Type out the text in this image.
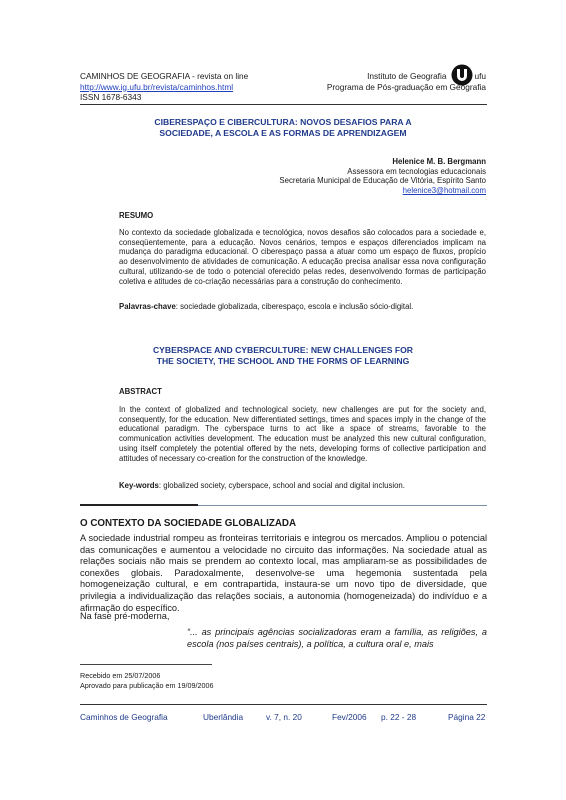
CAMINHOS DE GEOGRAFIA - revista on line
http://www.ig.ufu.br/revista/caminhos.html
ISSN 1678-6343
Instituto de Geografia	ufu
Programa de Pós-graduação em Geografia
CIBERESPAÇO E CIBERCULTURA: NOVOS DESAFIOS PARA A
SOCIEDADE, A ESCOLA E AS FORMAS DE APRENDIZAGEM
Helenice M. B. Bergmann
Assessora em tecnologias educacionais
Secretaria Municipal de Educação de Vitória, Espírito Santo
helenice3@hotmail.com
RESUMO
No contexto da sociedade globalizada e tecnológica, novos desafios são colocados para a sociedade e, conseqüentemente, para a educação. Novos cenários, tempos e espaços diferenciados implicam na mudança do paradigma educacional. O ciberespaço passa a atuar como um espaço de fluxos, propício ao desenvolvimento de atividades de comunicação. A educação precisa analisar essa nova configuração cultural, utilizando-se de todo o potencial oferecido pelas redes, desenvolvendo formas de participação coletiva e atitudes de co-criação necessárias para a construção do conhecimento.
Palavras-chave: sociedade globalizada, ciberespaço, escola e inclusão sócio-digital.
CYBERSPACE AND CYBERCULTURE: NEW CHALLENGES FOR
THE SOCIETY, THE SCHOOL AND THE FORMS OF LEARNING
ABSTRACT
In the context of globalized and technological society, new challenges are put for the society and, consequently, for the education. New differentiated settings, times and spaces imply in the change of the educational paradigm. The cyberspace turns to act like a space of streams, favorable to the communication activities development. The education must be analyzed this new cultural configuration, using itself completely the potential offered by the nets, developing forms of collective participation and attitudes of necessary co-creation for the construction of the knowledge.
Key-words: globalized society, cyberspace, school and social and digital inclusion.
O CONTEXTO DA SOCIEDADE GLOBALIZADA
A sociedade industrial rompeu as fronteiras territoriais e integrou os mercados. Ampliou o potencial das comunicações e aumentou a velocidade no circuito das informações. Na sociedade atual as relações sociais não mais se prendem ao contexto local, mas ampliaram-se as possibilidades de conexões globais. Paradoxalmente, desenvolve-se uma hegemonia sustentada pela homogeneização cultural, e em contrapartida, instaura-se um novo tipo de diversidade, que privilegia a individualização das relações sociais, a autonomia (homogeneizada) do indivíduo e a afirmação do específico.
Na fase pré-moderna,
“... as principais agências socializadoras eram a família, as religiões, a escola (nos países centrais), a política, a cultura oral e, mais
Recebido em 25/07/2006
Aprovado para publicação em 19/09/2006
Caminhos de Geografia	Uberlândia	v. 7, n. 20	Fev/2006 p. 22 - 28	Página 22
